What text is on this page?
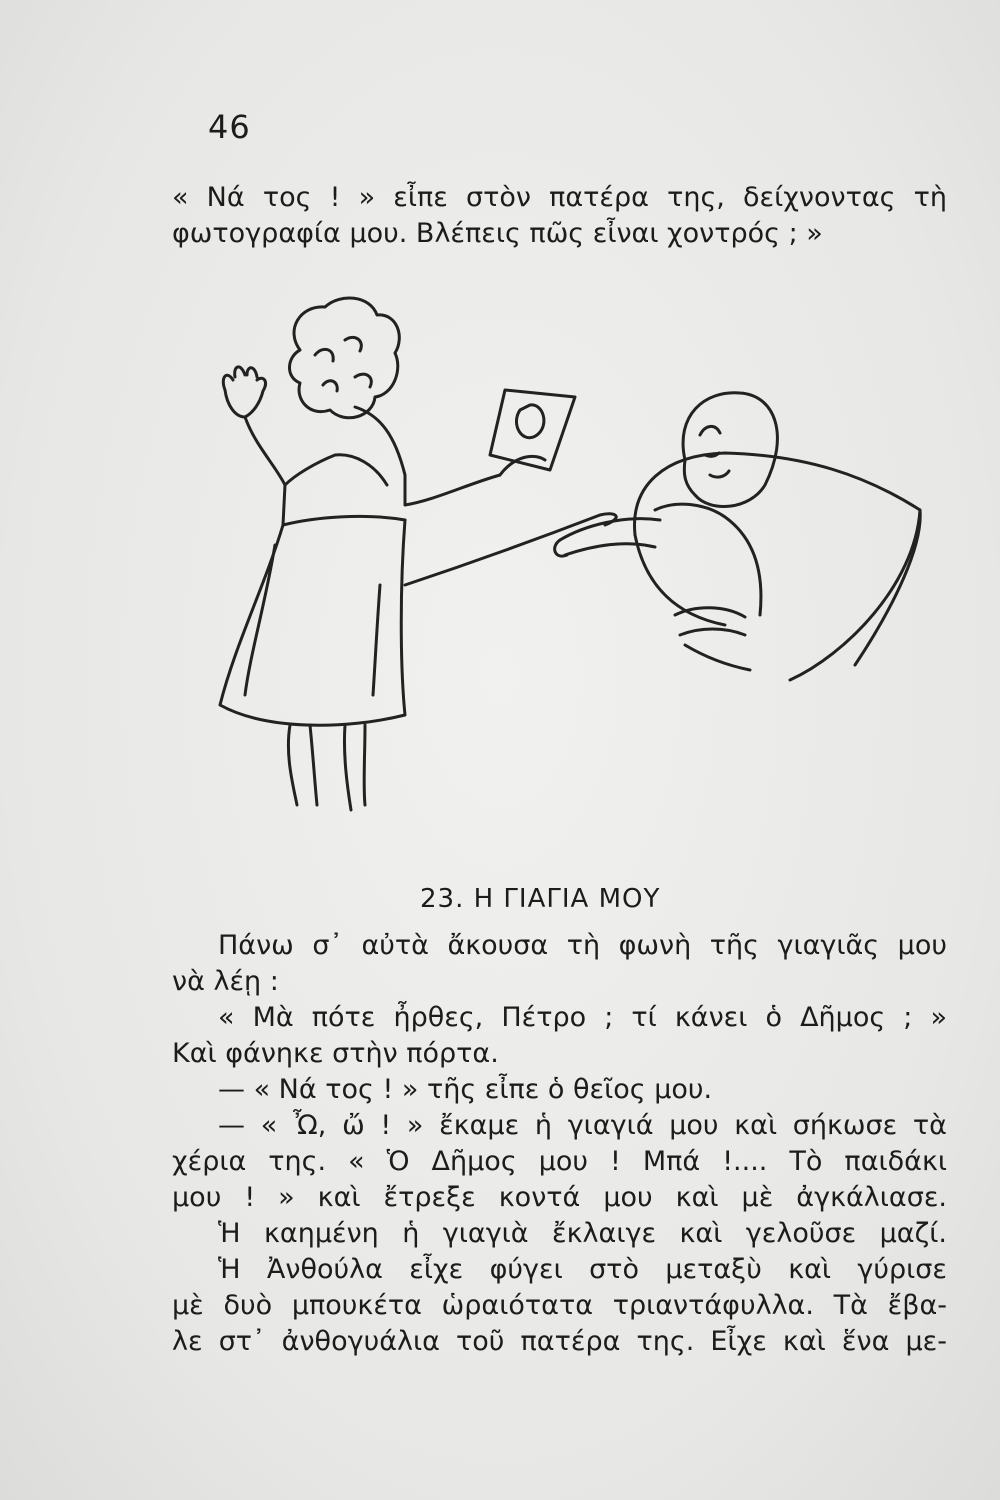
46
« Νά τος ! » εἶπε στὸν πατέρα της, δείχνοντας τὴ
φωτογραφία μου. Βλέπεις πῶς εἶναι χοντρός ; »
23. Η ΓΙΑΓΙΑ ΜΟΥ
Πάνω σ᾽ αὐτὰ ἄκουσα τὴ φωνὴ τῆς γιαγιᾶς μου
νὰ λέῃ :
« Μὰ πότε ἦρθες, Πέτρο ; τί κάνει ὁ Δῆμος ; »
Καὶ φάνηκε στὴν πόρτα.
— « Νά τος ! » τῆς εἶπε ὁ θεῖος μου.
— « Ὦ, ὤ ! » ἔκαμε ἡ γιαγιά μου καὶ σήκωσε τὰ
χέρια της. « Ὁ Δῆμος μου ! Μπά !.... Τὸ παιδάκι
μου ! » καὶ ἔτρεξε κοντά μου καὶ μὲ ἀγκάλιασε.
Ἡ καημένη ἡ γιαγιὰ ἔκλαιγε καὶ γελοῦσε μαζί.
Ἡ Ἀνθούλα εἶχε φύγει στὸ μεταξὺ καὶ γύρισε
μὲ δυὸ μπουκέτα ὡραιότατα τριαντάφυλλα. Τὰ ἔβα-
λε στ᾽ ἀνθογυάλια τοῦ πατέρα της. Εἶχε καὶ ἕνα με-
